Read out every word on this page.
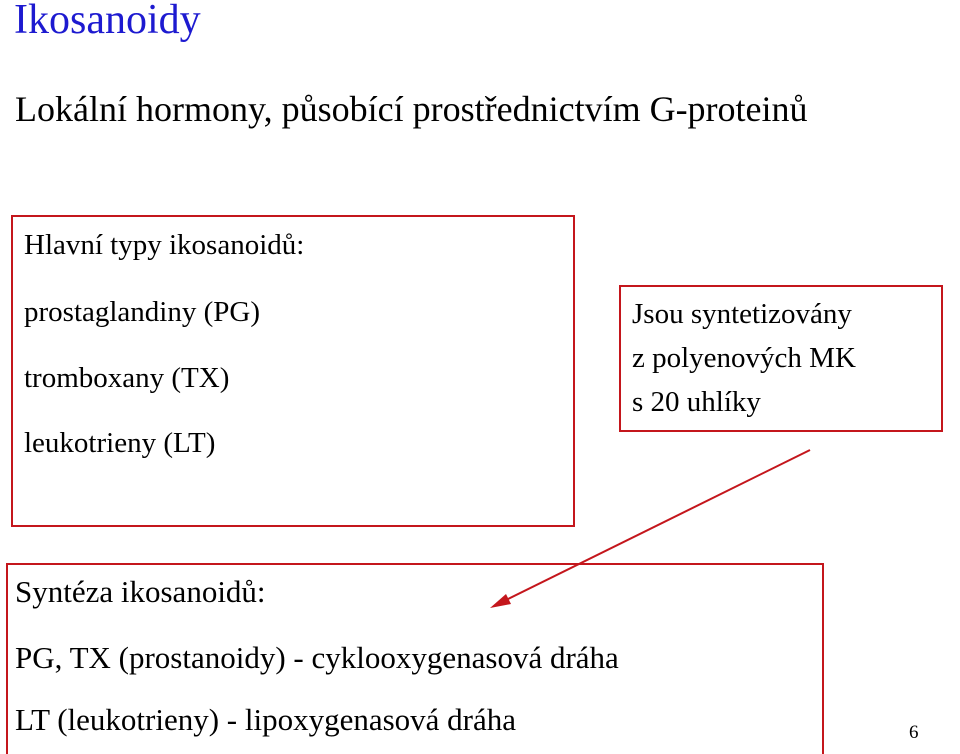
Ikosanoidy
Lokální hormony, působící prostřednictvím G-proteinů
Hlavní typy ikosanoidů:
prostaglandiny (PG)
tromboxany (TX)
leukotrieny (LT)
Jsou syntetizovány
z polyenových MK
s 20 uhlíky
Syntéza ikosanoidů:
PG, TX (prostanoidy) - cyklooxygenasová dráha
LT (leukotrieny) - lipoxygenasová dráha	6
